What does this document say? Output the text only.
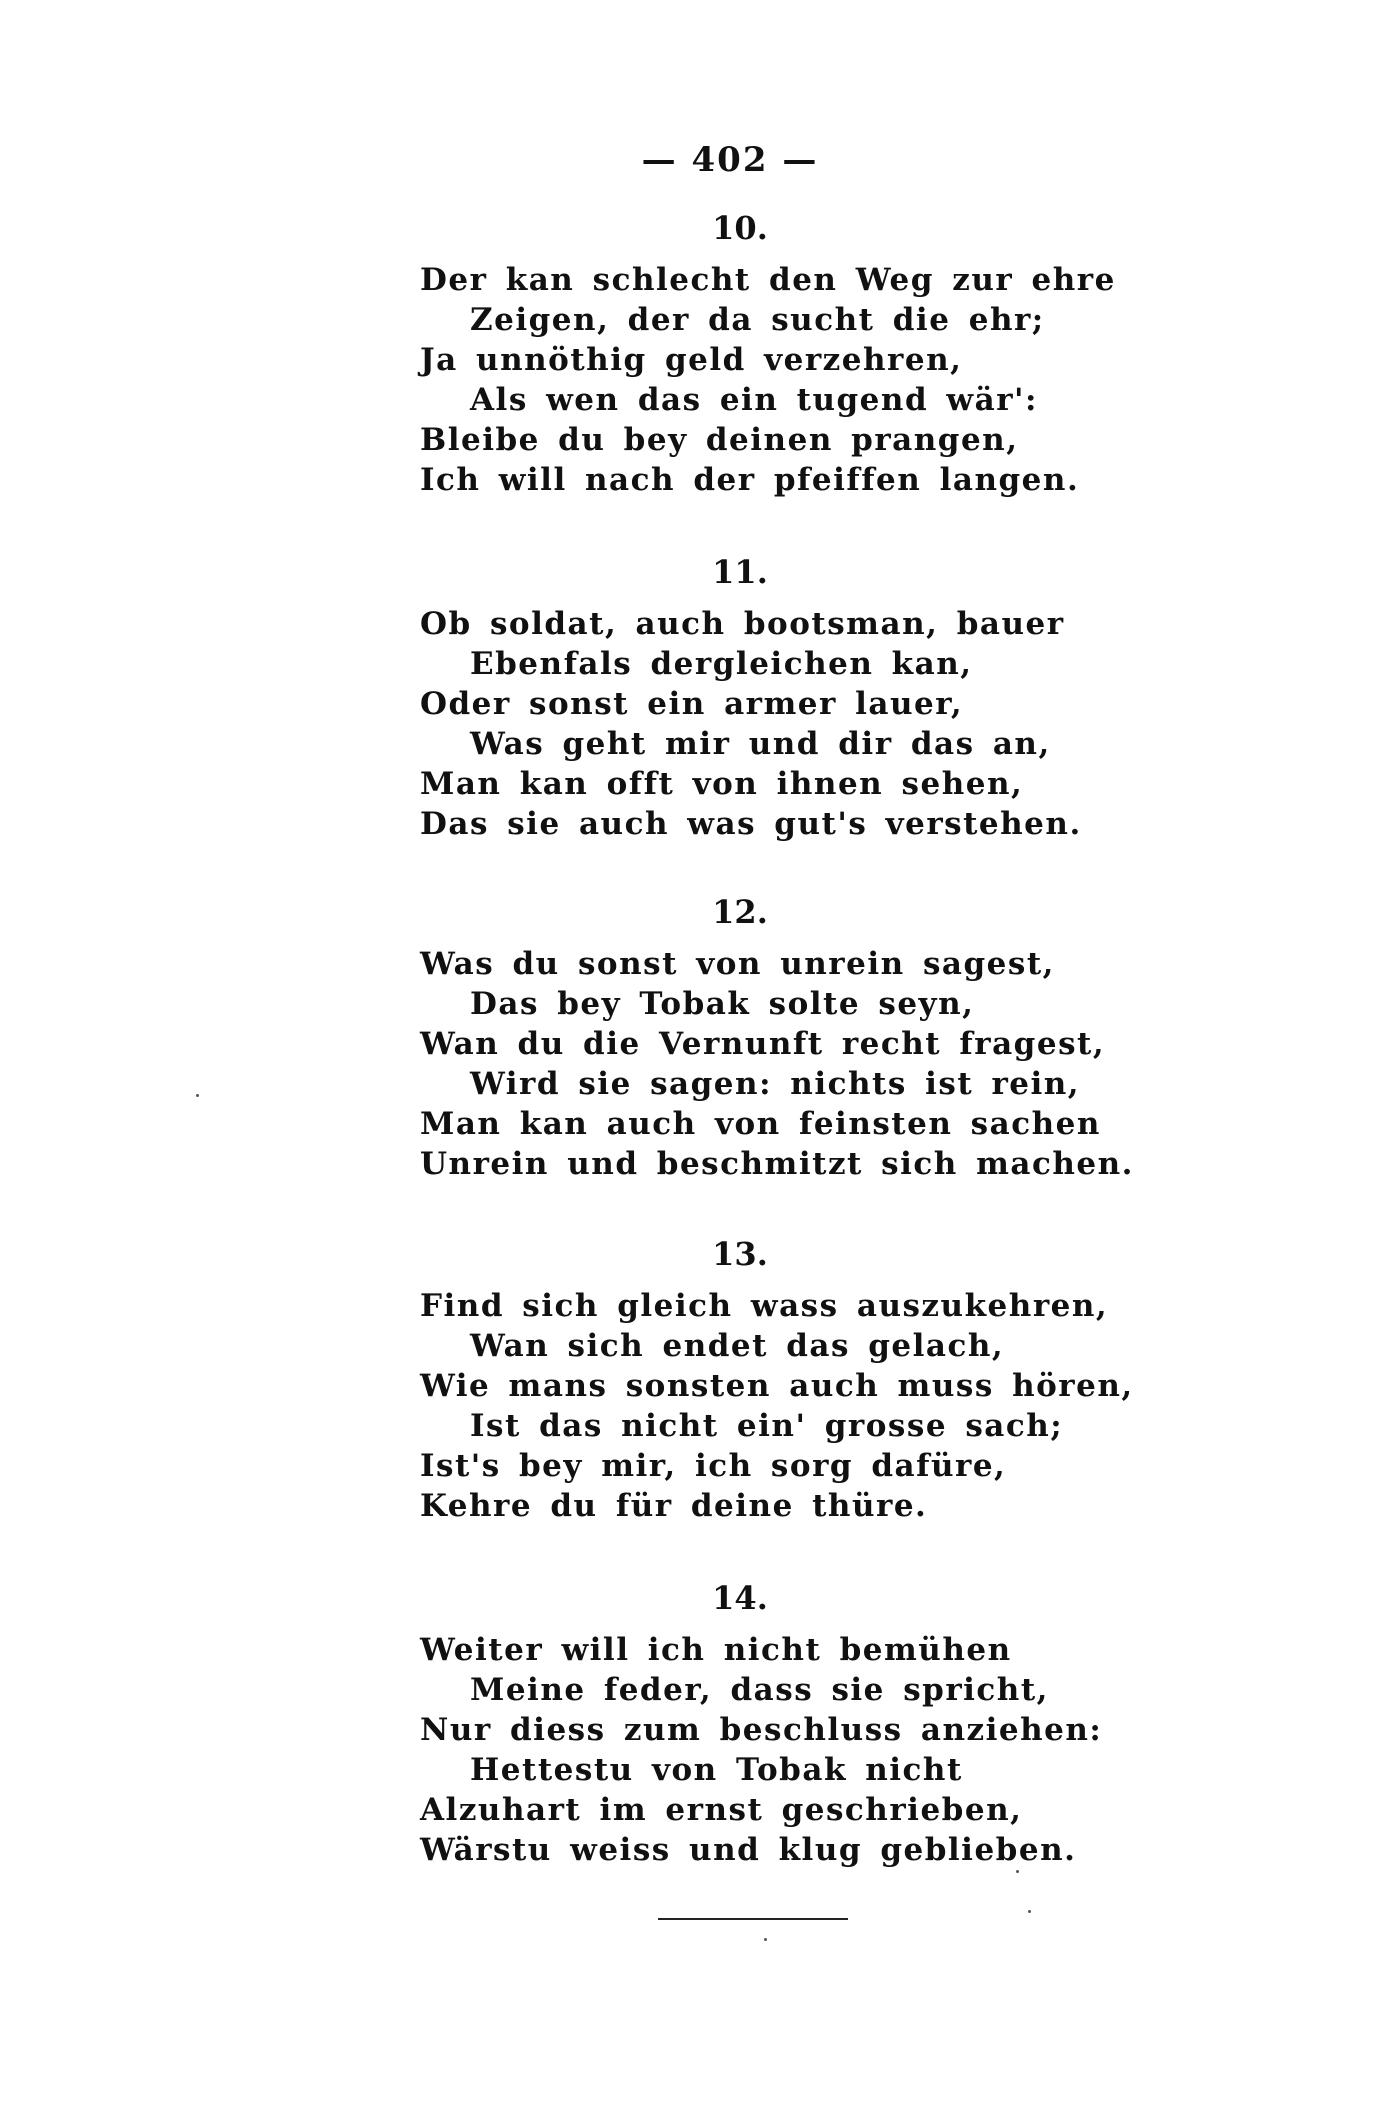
— 402 —
10.
Der kan schlecht den Weg zur ehre
Zeigen, der da sucht die ehr;
Ja unnöthig geld verzehren,
Als wen das ein tugend wär':
Bleibe du bey deinen prangen,
Ich will nach der pfeiffen langen.
11.
Ob soldat, auch bootsman, bauer
Ebenfals dergleichen kan,
Oder sonst ein armer lauer,
Was geht mir und dir das an,
Man kan offt von ihnen sehen,
Das sie auch was gut's verstehen.
12.
Was du sonst von unrein sagest,
Das bey Tobak solte seyn,
Wan du die Vernunft recht fragest,
Wird sie sagen: nichts ist rein,
Man kan auch von feinsten sachen
Unrein und beschmitzt sich machen.
13.
Find sich gleich wass auszukehren,
Wan sich endet das gelach,
Wie mans sonsten auch muss hören,
Ist das nicht ein' grosse sach;
Ist's bey mir, ich sorg dafüre,
Kehre du für deine thüre.
14.
Weiter will ich nicht bemühen
Meine feder, dass sie spricht,
Nur diess zum beschluss anziehen:
Hettestu von Tobak nicht
Alzuhart im ernst geschrieben,
Wärstu weiss und klug geblieben.
